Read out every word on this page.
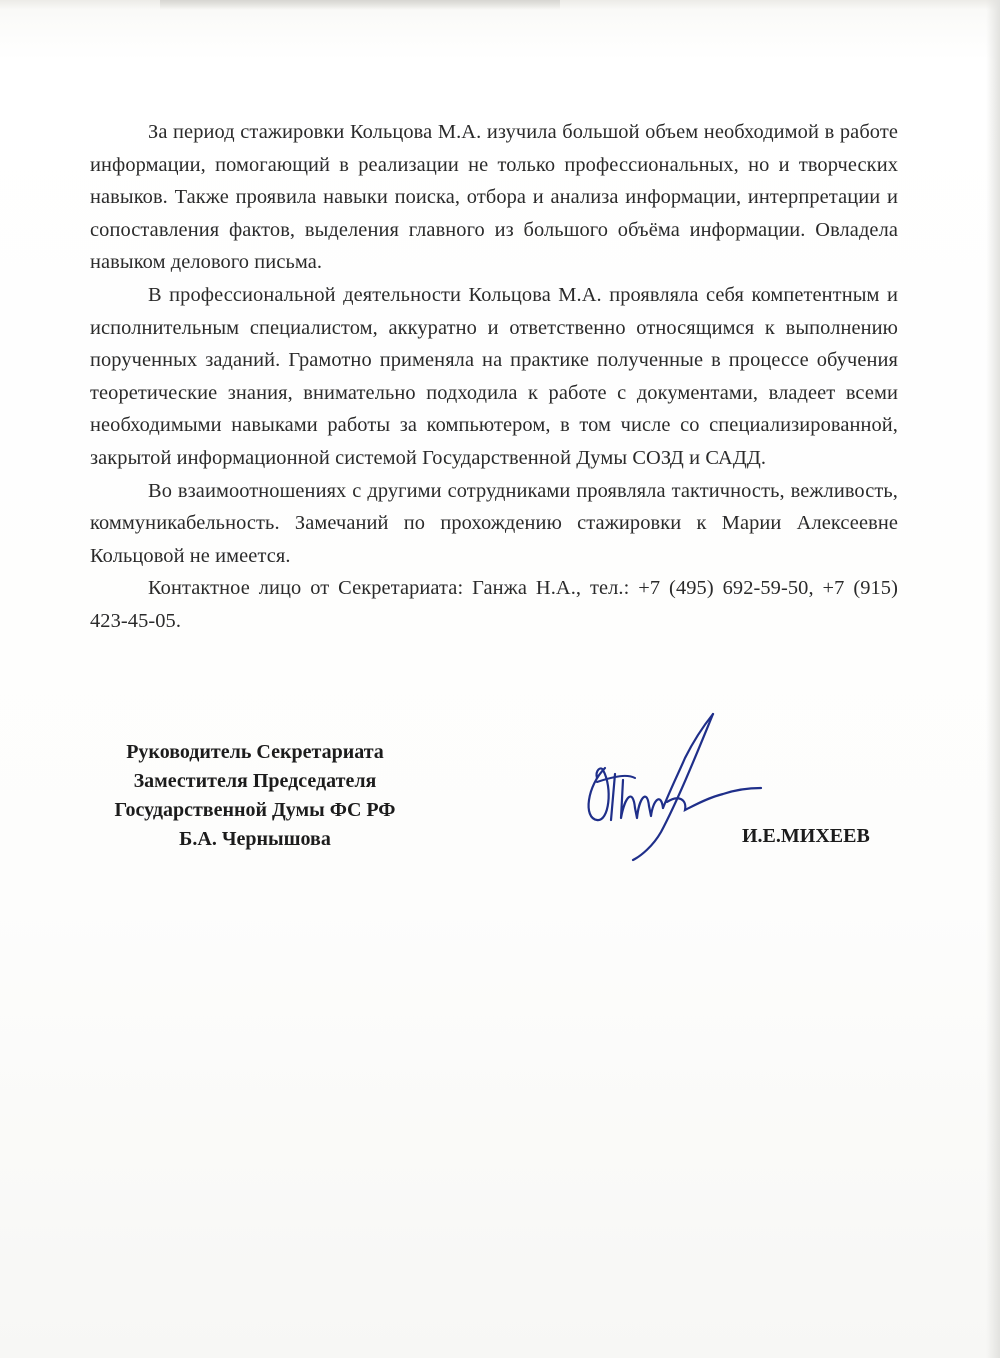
За период стажировки Кольцова М.А. изучила большой объем необходимой в работе информации, помогающий в реализации не только профессиональных, но и творческих навыков. Также проявила навыки поиска, отбора и анализа информации, интерпретации и сопоставления фактов, выделения главного из большого объёма информации. Овладела навыком делового письма.

В профессиональной деятельности Кольцова М.А. проявляла себя компетентным и исполнительным специалистом, аккуратно и ответственно относящимся к выполнению порученных заданий. Грамотно применяла на практике полученные в процессе обучения теоретические знания, внимательно подходила к работе с документами, владеет всеми необходимыми навыками работы за компьютером, в том числе со специализированной, закрытой информационной системой Государственной Думы СОЗД и САДД.

Во взаимоотношениях с другими сотрудниками проявляла тактичность, вежливость, коммуникабельность. Замечаний по прохождению стажировки к Марии Алексеевне Кольцовой не имеется.

Контактное лицо от Секретариата: Ганжа Н.А., тел.: +7 (495) 692-59-50, +7 (915) 423-45-05.

Руководитель Секретариата
Заместителя Председателя
Государственной Думы ФС РФ
Б.А. Чернышова	И.Е.МИХЕЕВ
